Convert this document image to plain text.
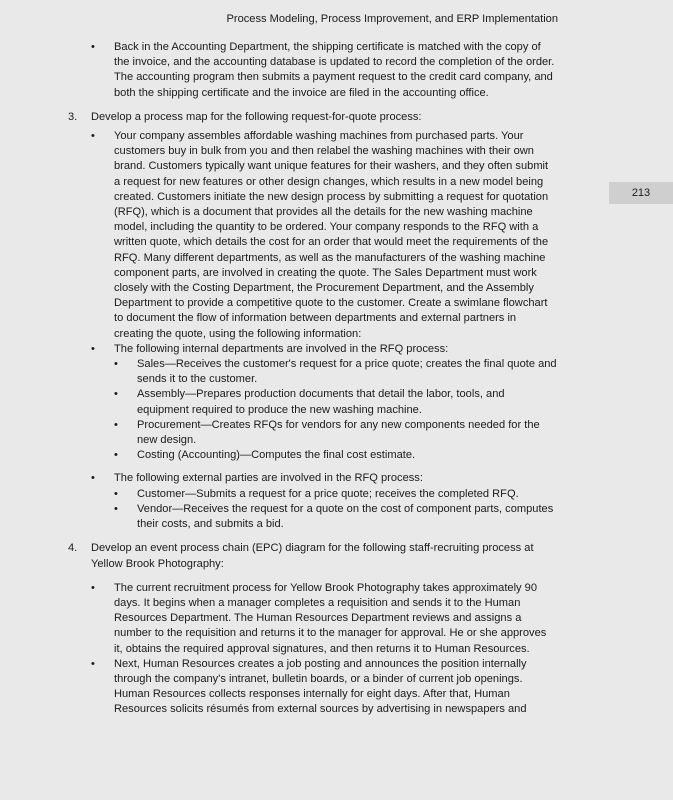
Process Modeling, Process Improvement, and ERP Implementation
213
• Back in the Accounting Department, the shipping certificate is matched with the copy of the invoice, and the accounting database is updated to record the completion of the order. The accounting program then submits a payment request to the credit card company, and both the shipping certificate and the invoice are filed in the accounting office.
3. Develop a process map for the following request-for-quote process:
• Your company assembles affordable washing machines from purchased parts. Your customers buy in bulk from you and then relabel the washing machines with their own brand. Customers typically want unique features for their washers, and they often submit a request for new features or other design changes, which results in a new model being created. Customers initiate the new design process by submitting a request for quotation (RFQ), which is a document that provides all the details for the new washing machine model, including the quantity to be ordered. Your company responds to the RFQ with a written quote, which details the cost for an order that would meet the requirements of the RFQ. Many different departments, as well as the manufacturers of the washing machine component parts, are involved in creating the quote. The Sales Department must work closely with the Costing Department, the Procurement Department, and the Assembly Department to provide a competitive quote to the customer. Create a swimlane flowchart to document the flow of information between departments and external partners in creating the quote, using the following information:
• The following internal departments are involved in the RFQ process:
• Sales—Receives the customer's request for a price quote; creates the final quote and sends it to the customer.
• Assembly—Prepares production documents that detail the labor, tools, and equipment required to produce the new washing machine.
• Procurement—Creates RFQs for vendors for any new components needed for the new design.
• Costing (Accounting)—Computes the final cost estimate.
• The following external parties are involved in the RFQ process:
• Customer—Submits a request for a price quote; receives the completed RFQ.
• Vendor—Receives the request for a quote on the cost of component parts, computes their costs, and submits a bid.
4. Develop an event process chain (EPC) diagram for the following staff-recruiting process at Yellow Brook Photography:
• The current recruitment process for Yellow Brook Photography takes approximately 90 days. It begins when a manager completes a requisition and sends it to the Human Resources Department. The Human Resources Department reviews and assigns a number to the requisition and returns it to the manager for approval. He or she approves it, obtains the required approval signatures, and then returns it to Human Resources.
• Next, Human Resources creates a job posting and announces the position internally through the company's intranet, bulletin boards, or a binder of current job openings. Human Resources collects responses internally for eight days. After that, Human Resources solicits résumés from external sources by advertising in newspapers and
